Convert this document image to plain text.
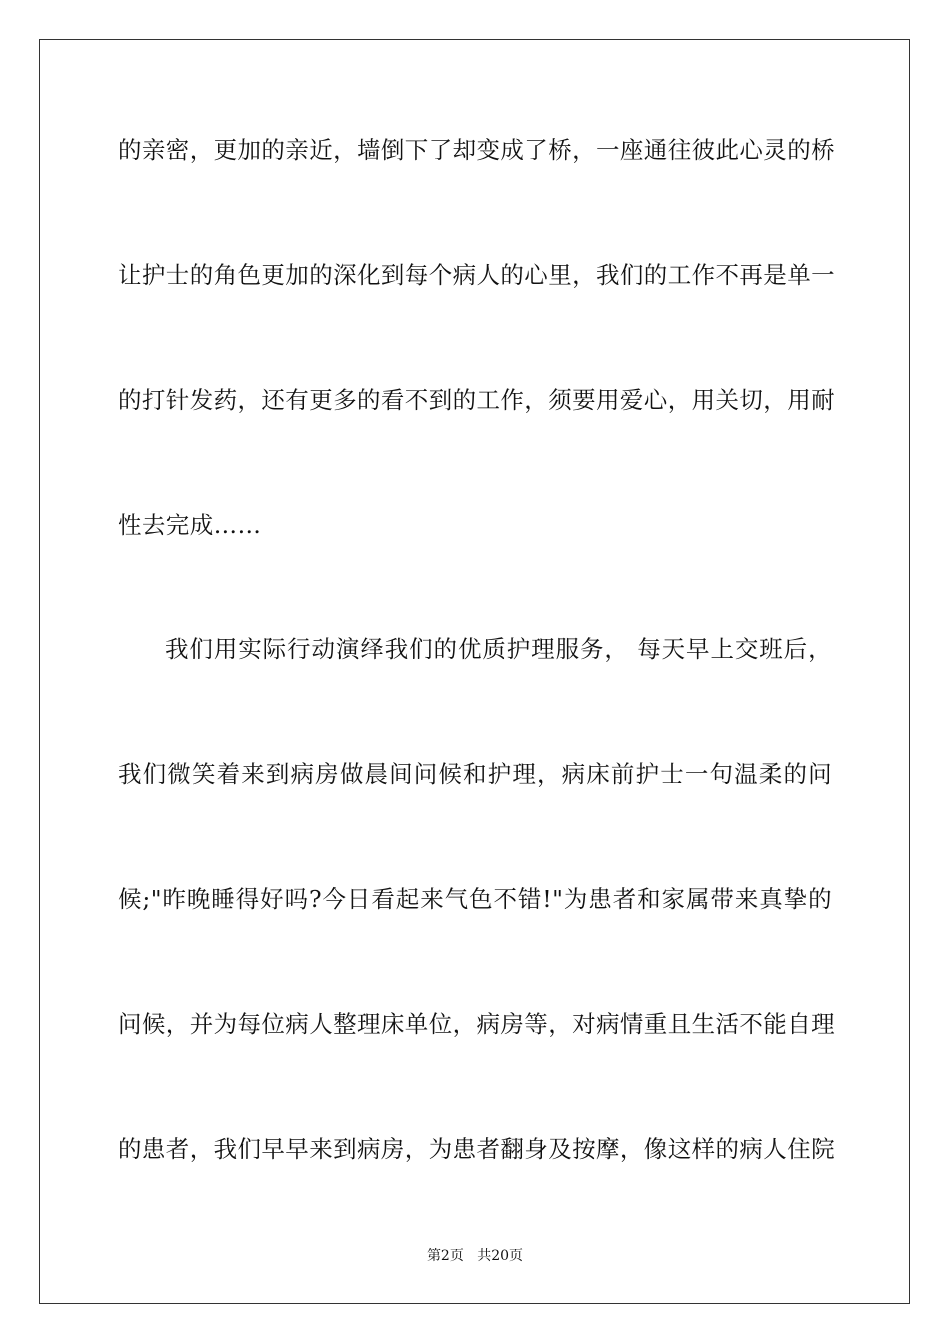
的亲密，更加的亲近，墙倒下了却变成了桥，一座通往彼此心灵的桥
让护士的角色更加的深化到每个病人的心里，我们的工作不再是单一
的打针发药，还有更多的看不到的工作，须要用爱心，用关切，用耐
性去完成……
我们用实际行动演绎我们的优质护理服务， 每天早上交班后，
我们微笑着来到病房做晨间问候和护理，病床前护士一句温柔的问
候;"昨晚睡得好吗?今日看起来气色不错!"为患者和家属带来真挚的
问候，并为每位病人整理床单位，病房等，对病情重且生活不能自理
的患者，我们早早来到病房，为患者翻身及按摩，像这样的病人住院
第2页 共20页
